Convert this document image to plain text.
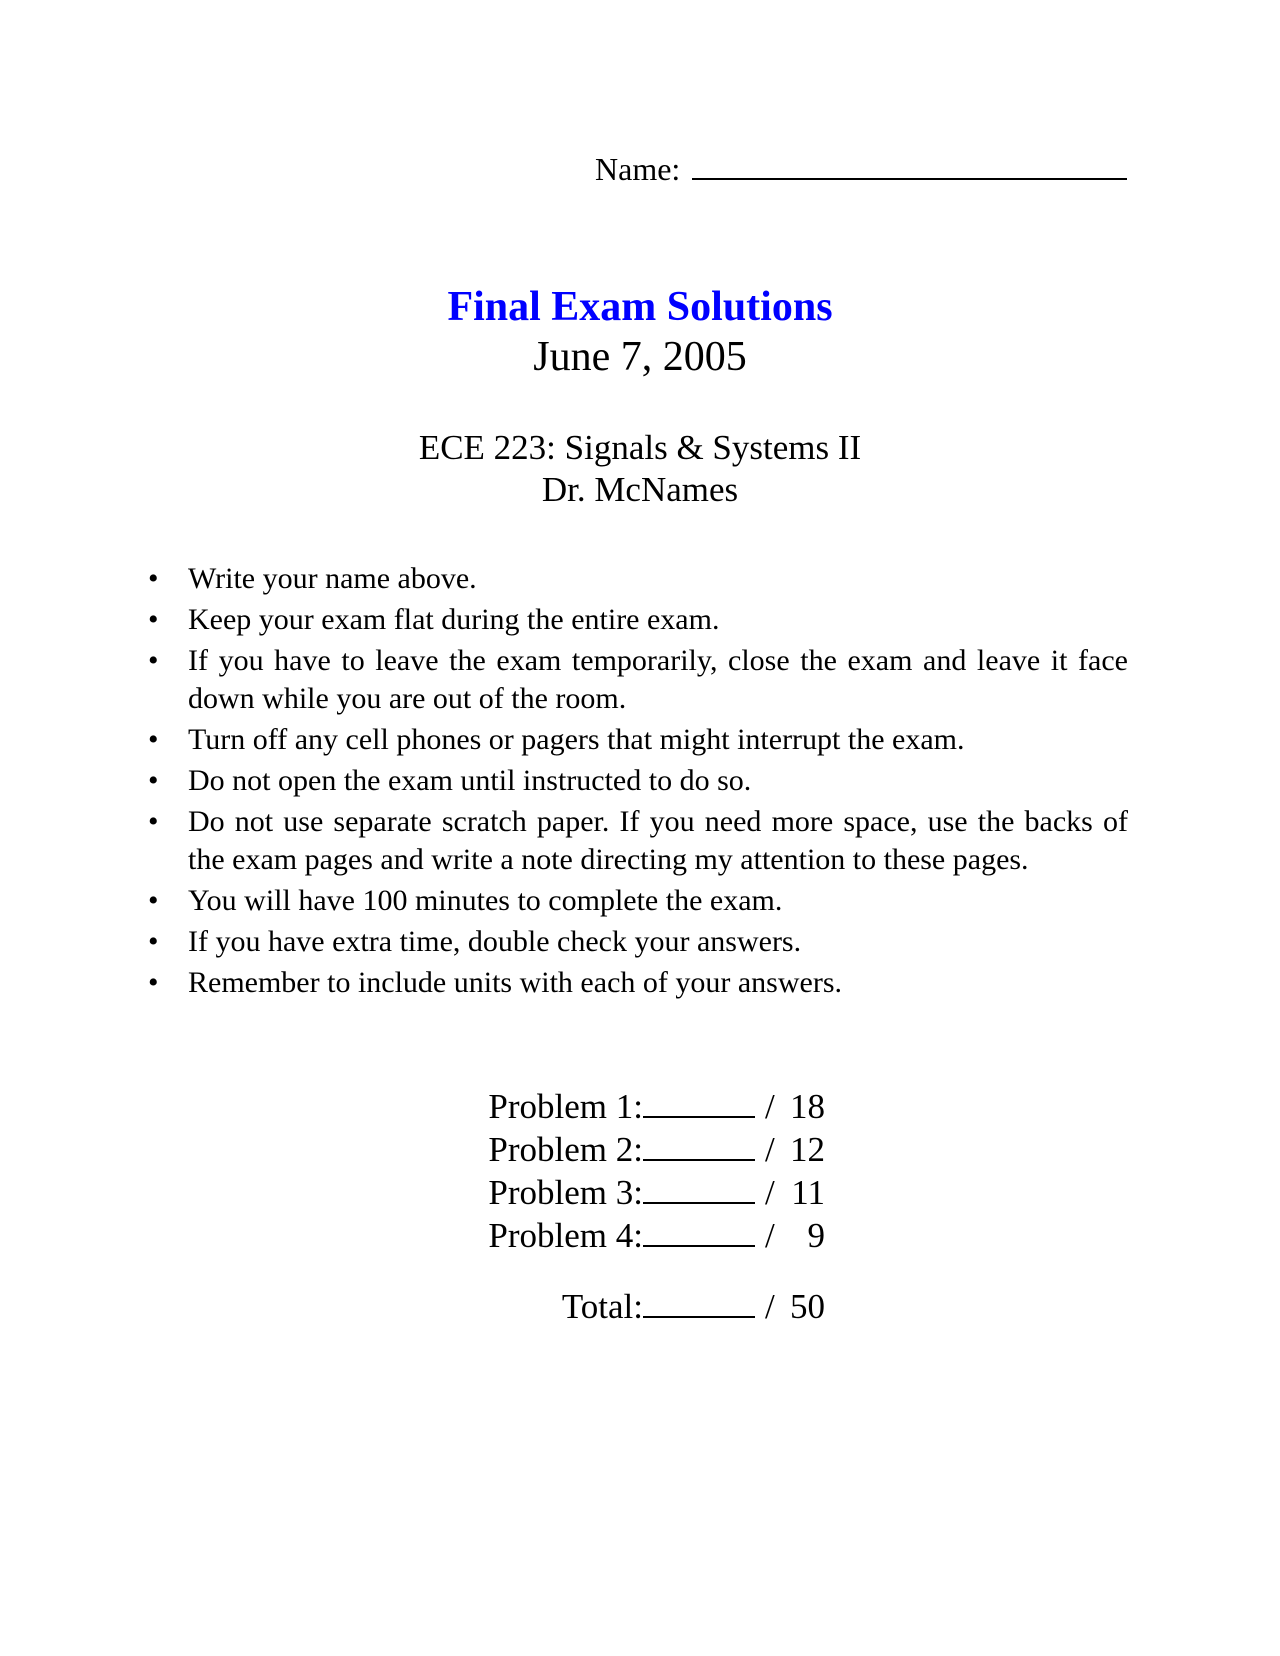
Name:
Final Exam Solutions
June 7, 2005
ECE 223: Signals & Systems II
Dr. McNames
• Write your name above.
• Keep your exam flat during the entire exam.
• If you have to leave the exam temporarily, close the exam and leave it face down while you are out of the room.
• Turn off any cell phones or pagers that might interrupt the exam.
• Do not open the exam until instructed to do so.
• Do not use separate scratch paper. If you need more space, use the backs of the exam pages and write a note directing my attention to these pages.
• You will have 100 minutes to complete the exam.
• If you have extra time, double check your answers.
• Remember to include units with each of your answers.
Problem 1:	/ 18
Problem 2:	/ 12
Problem 3:	/ 11
Problem 4:	/ 9
Total:	/ 50
